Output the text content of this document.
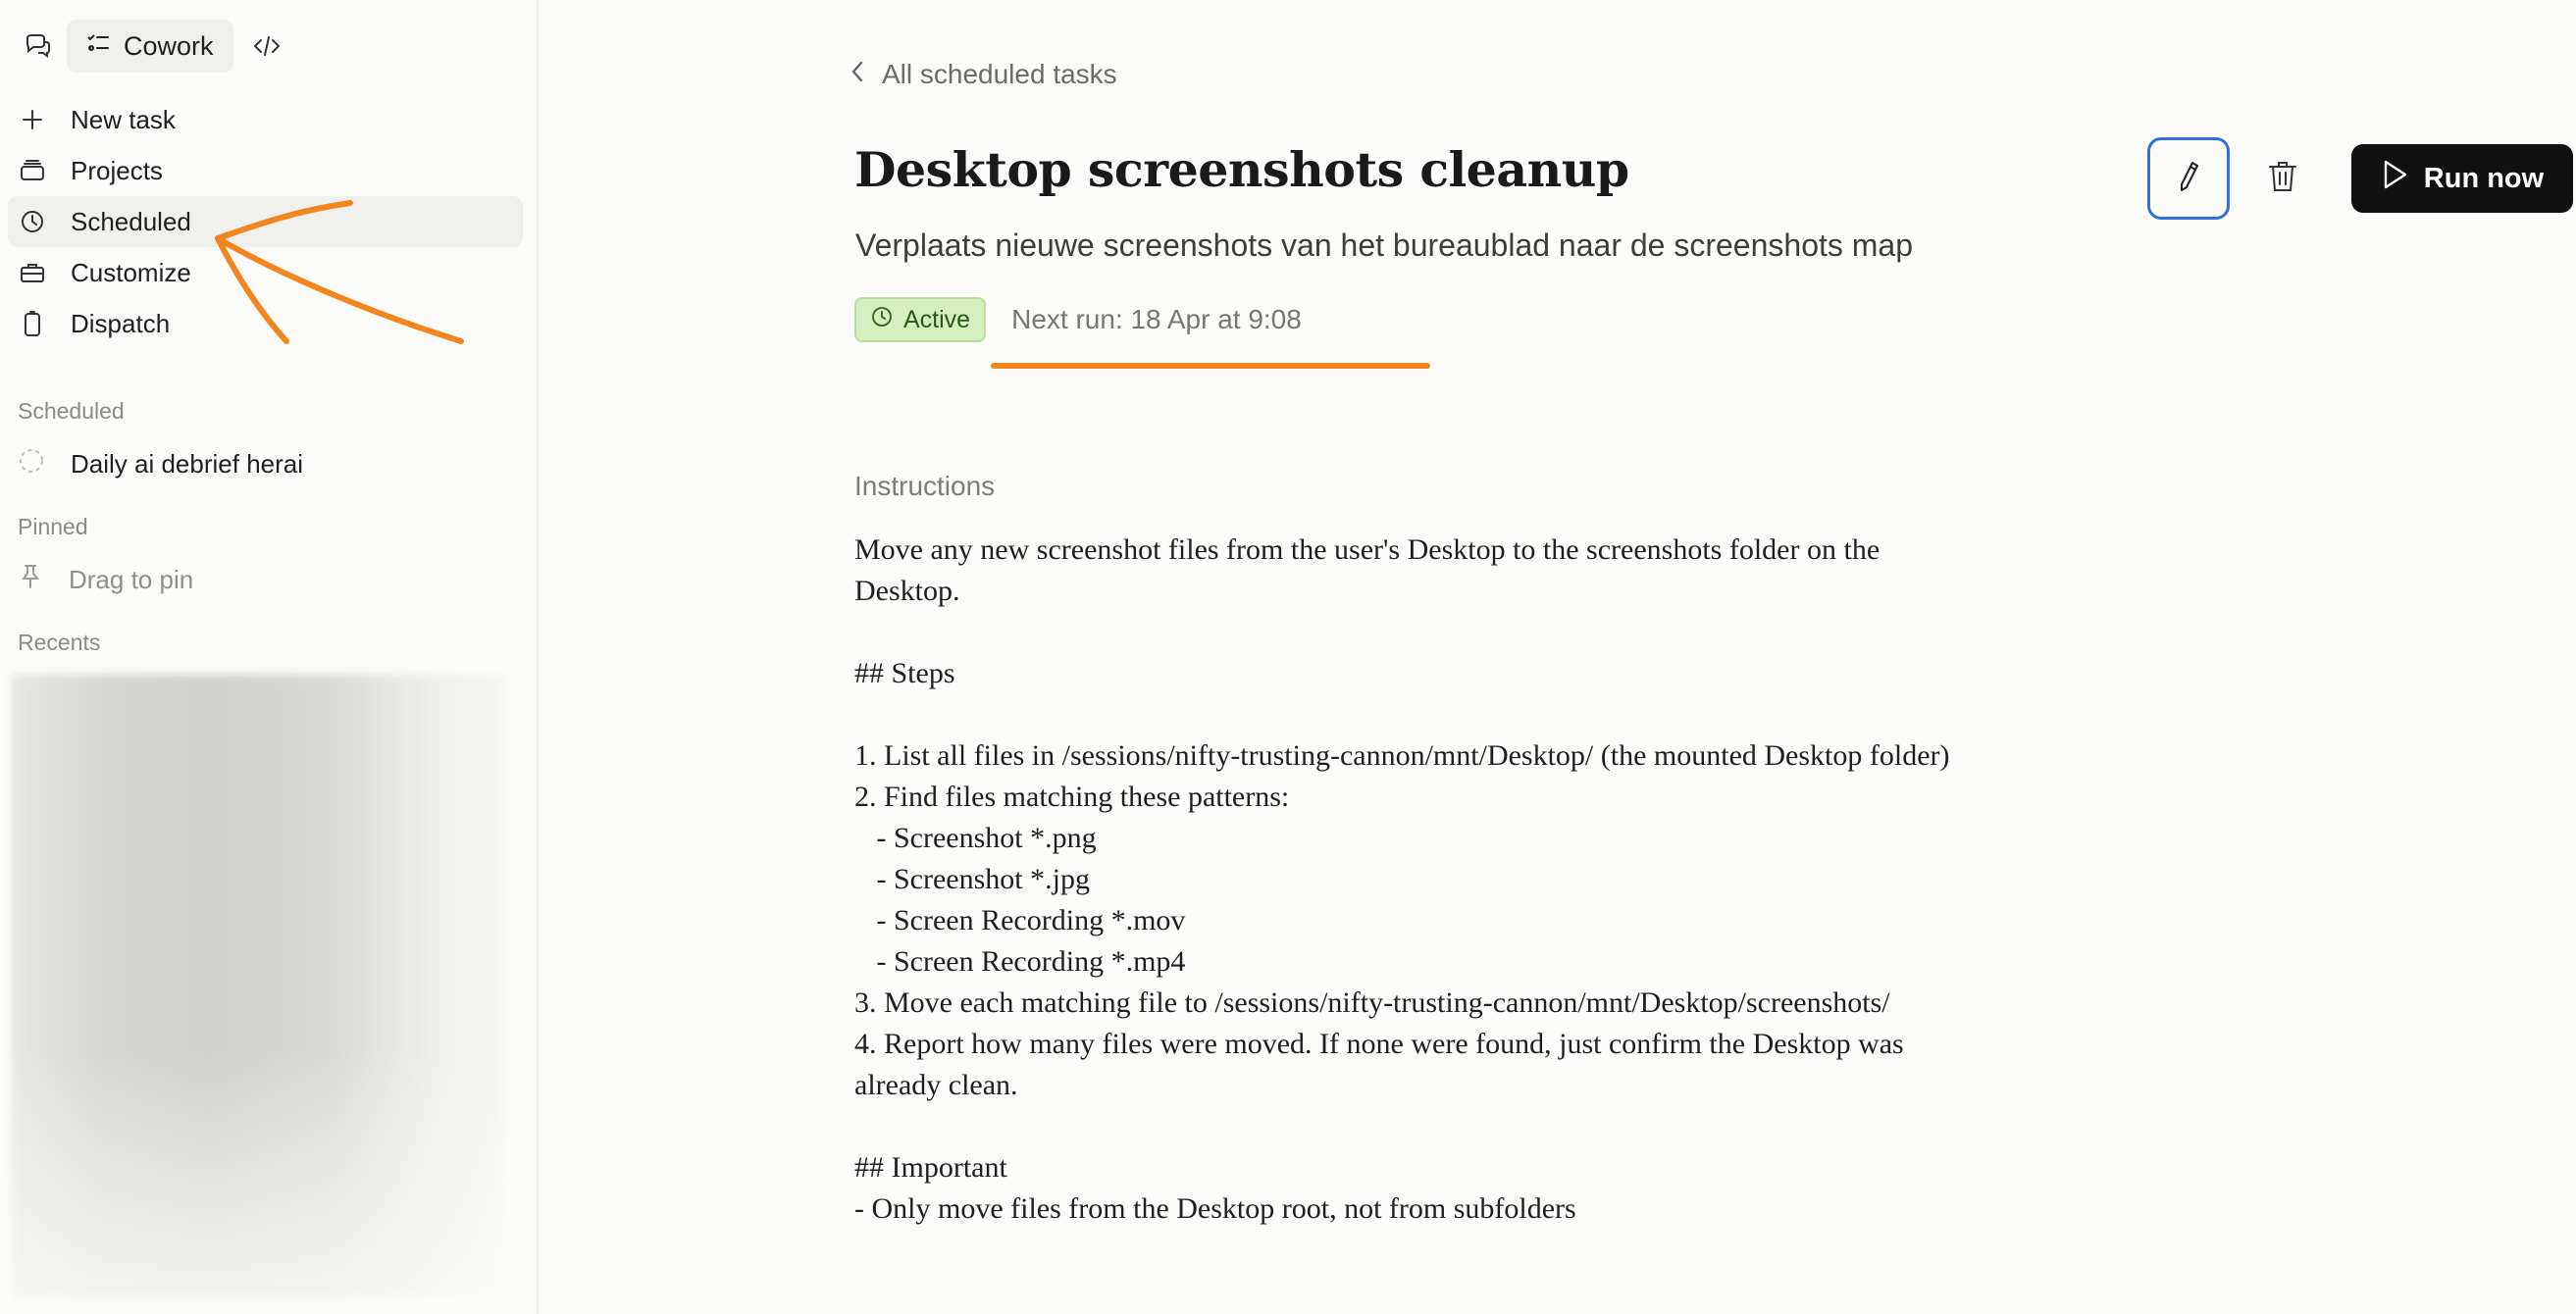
Cowork
New task
Projects
Scheduled
Customize
Dispatch
Scheduled
Daily ai debrief herai
Pinned
Drag to pin
Recents
All scheduled tasks
Desktop screenshots cleanup
Verplaats nieuwe screenshots van het bureaublad naar de screenshots map
Active Next run: 18 Apr at 9:08
Run now
Instructions

Move any new screenshot files from the user's Desktop to the screenshots folder on the Desktop.

## Steps

1. List all files in /sessions/nifty-trusting-cannon/mnt/Desktop/ (the mounted Desktop folder)
2. Find files matching these patterns:
- Screenshot *.png
- Screenshot *.jpg
- Screen Recording *.mov
- Screen Recording *.mp4
3. Move each matching file to /sessions/nifty-trusting-cannon/mnt/Desktop/screenshots/
4. Report how many files were moved. If none were found, just confirm the Desktop was already clean.

## Important
- Only move files from the Desktop root, not from subfolders
